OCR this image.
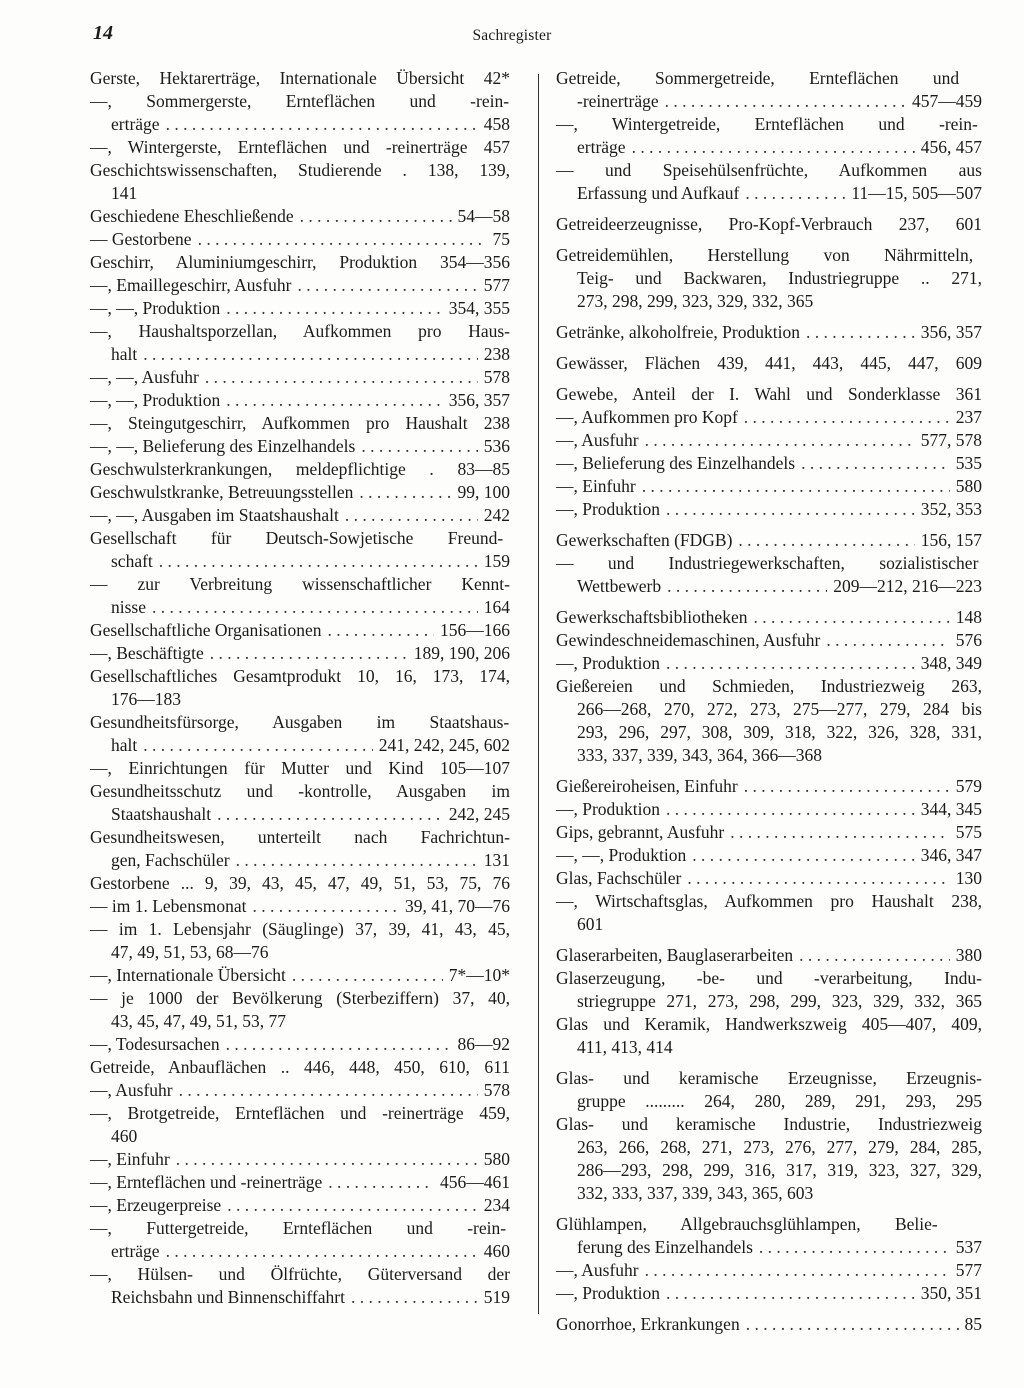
14	Sachregister
Gerste, Hektarerträge, Internationale Übersicht 42*
—, Sommergerste, Ernteflächen und -rein-
erträge . . .	458
—, Wintergerste, Ernteflächen und -reinerträge 457
Geschichtswissenschaften, Studierende . 138, 139,
141
Geschiedene Eheschließende . . .	54—58
— Gestorbene . . .	75
Geschirr, Aluminiumgeschirr, Produktion 354—356
—, Emaillegeschirr, Ausfuhr . . .	577
—, —, Produktion . . .	354, 355
—, Haushaltsporzellan, Aufkommen pro Haus-
halt . . .	238
—, —, Ausfuhr . . .	578
—, —, Produktion . . .	356, 357
—, Steingutgeschirr, Aufkommen pro Haushalt 238
—, —, Belieferung des Einzelhandels . . .	536
Geschwulsterkrankungen, meldepflichtige . 83—85
Geschwulstkranke, Betreuungsstellen . . .	99, 100
—, —, Ausgaben im Staatshaushalt . . .	242
Gesellschaft für Deutsch-Sowjetische Freund-
schaft . . .	159
— zur Verbreitung wissenschaftlicher Kennt-
nisse . . .	164
Gesellschaftliche Organisationen . . .	156—166
—, Beschäftigte . . .	189, 190, 206
Gesellschaftliches Gesamtprodukt 10, 16, 173, 174,
176—183
Gesundheitsfürsorge, Ausgaben im Staatshaus-
halt . . .	241, 242, 245, 602
—, Einrichtungen für Mutter und Kind 105—107
Gesundheitsschutz und -kontrolle, Ausgaben im
Staatshaushalt . . .	242, 245
Gesundheitswesen, unterteilt nach Fachrichtun-
gen, Fachschüler . . .	131
Gestorbene ... 9, 39, 43, 45, 47, 49, 51, 53, 75, 76
— im 1. Lebensmonat . . .	39, 41, 70—76
— im 1. Lebensjahr (Säuglinge) 37, 39, 41, 43, 45,
47, 49, 51, 53, 68—76
—, Internationale Übersicht . . .	7*—10*
— je 1000 der Bevölkerung (Sterbeziffern) 37, 40,
43, 45, 47, 49, 51, 53, 77
—, Todesursachen . . .	86—92
Getreide, Anbauflächen .. 446, 448, 450, 610, 611
—, Ausfuhr . . .	578
—, Brotgetreide, Ernteflächen und -reinerträge 459,
460
—, Einfuhr . . .	580
—, Ernteflächen und -reinerträge . . .	456—461
—, Erzeugerpreise . . .	234
—, Futtergetreide, Ernteflächen und -rein-
erträge . . .	460
—, Hülsen- und Ölfrüchte, Güterversand der
Reichsbahn und Binnenschiffahrt . . .	519
Getreide, Sommergetreide, Ernteflächen und
-reinerträge . . .	457—459
—, Wintergetreide, Ernteflächen und -rein-
erträge . . .	456, 457
— und Speisehülsenfrüchte, Aufkommen aus
Erfassung und Aufkauf . . .	11—15, 505—507
Getreideerzeugnisse, Pro-Kopf-Verbrauch 237, 601
Getreidemühlen, Herstellung von Nährmitteln,
Teig- und Backwaren, Industriegruppe .. 271,
273, 298, 299, 323, 329, 332, 365
Getränke, alkoholfreie, Produktion . . .	356, 357
Gewässer, Flächen 439, 441, 443, 445, 447, 609
Gewebe, Anteil der I. Wahl und Sonderklasse 361
—, Aufkommen pro Kopf . . .	237
—, Ausfuhr . . .	577, 578
—, Belieferung des Einzelhandels . . .	535
—, Einfuhr . . .	580
—, Produktion . . .	352, 353
Gewerkschaften (FDGB) . . .	156, 157
— und Industriegewerkschaften, sozialistischer
Wettbewerb . . .	209—212, 216—223
Gewerkschaftsbibliotheken . . .	148
Gewindeschneidemaschinen, Ausfuhr . . .	576
—, Produktion . . .	348, 349
Gießereien und Schmieden, Industriezweig 263,
266—268, 270, 272, 273, 275—277, 279, 284 bis
293, 296, 297, 308, 309, 318, 322, 326, 328, 331,
333, 337, 339, 343, 364, 366—368
Gießereiroheisen, Einfuhr . . .	579
—, Produktion . . .	344, 345
Gips, gebrannt, Ausfuhr . . .	575
—, —, Produktion . . .	346, 347
Glas, Fachschüler . . .	130
—, Wirtschaftsglas, Aufkommen pro Haushalt 238,
601
Glaserarbeiten, Bauglaserarbeiten . . .	380
Glaserzeugung, -be- und -verarbeitung, Indu-
striegruppe 271, 273, 298, 299, 323, 329, 332, 365
Glas und Keramik, Handwerkszweig 405—407, 409,
411, 413, 414
Glas- und keramische Erzeugnisse, Erzeugnis-
gruppe ......... 264, 280, 289, 291, 293, 295
Glas- und keramische Industrie, Industriezweig
263, 266, 268, 271, 273, 276, 277, 279, 284, 285,
286—293, 298, 299, 316, 317, 319, 323, 327, 329,
332, 333, 337, 339, 343, 365, 603
Glühlampen, Allgebrauchsglühlampen, Belie-
ferung des Einzelhandels . . .	537
—, Ausfuhr . . .	577
—, Produktion . . .	350, 351
Gonorrhoe, Erkrankungen . . .	85
